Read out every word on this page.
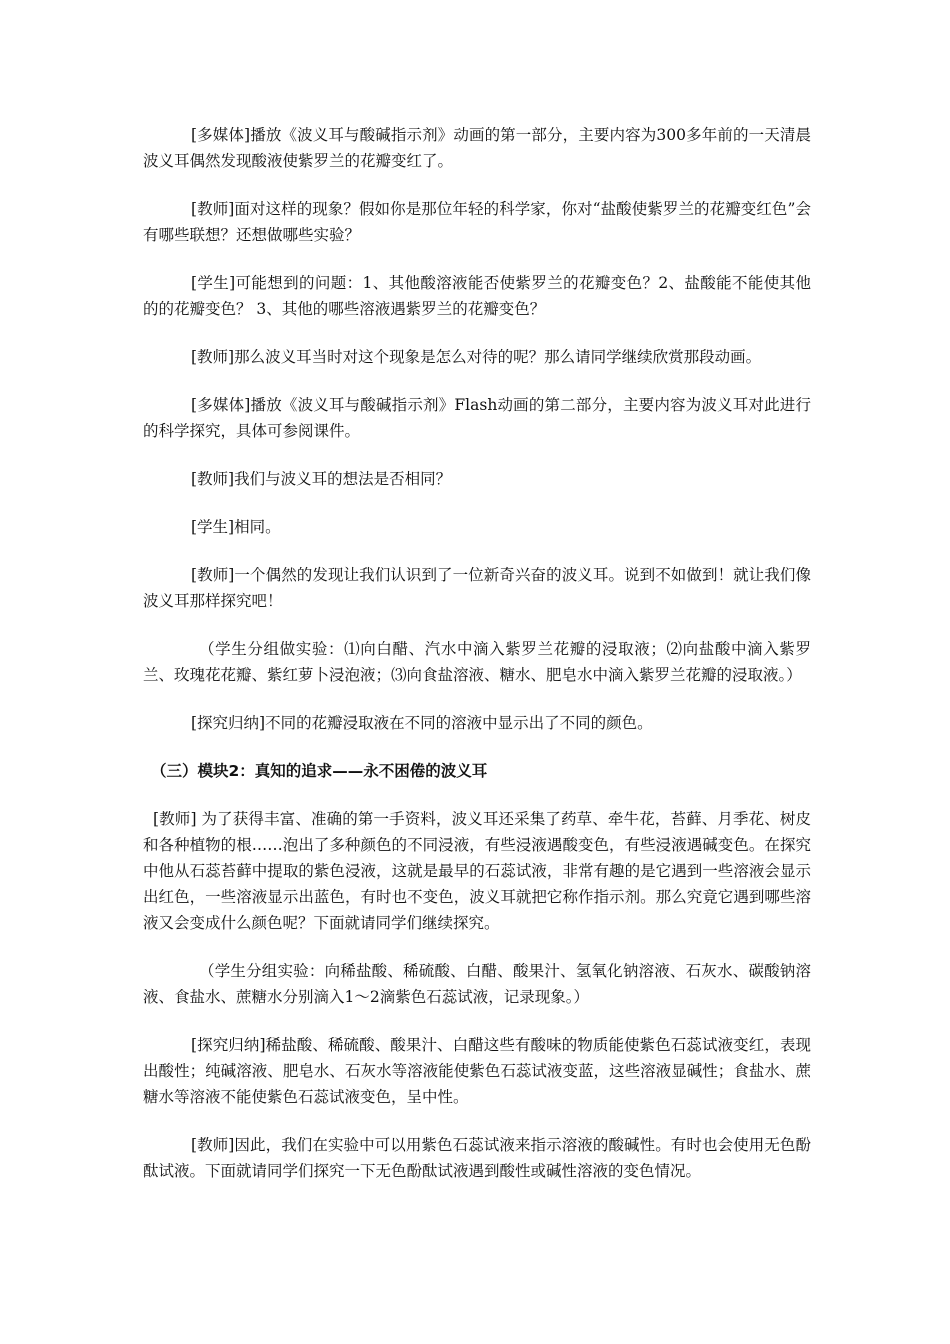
[多媒体]播放《波义耳与酸碱指示剂》动画的第一部分，主要内容为300多年前的一天清晨波义耳偶然发现酸液使紫罗兰的花瓣变红了。

[教师]面对这样的现象？假如你是那位年轻的科学家，你对“盐酸使紫罗兰的花瓣变红色”会有哪些联想？还想做哪些实验？

[学生]可能想到的问题：1、其他酸溶液能否使紫罗兰的花瓣变色？2、盐酸能不能使其他的的花瓣变色？ 3、其他的哪些溶液遇紫罗兰的花瓣变色？

[教师]那么波义耳当时对这个现象是怎么对待的呢？那么请同学继续欣赏那段动画。

[多媒体]播放《波义耳与酸碱指示剂》Flash动画的第二部分，主要内容为波义耳对此进行的科学探究，具体可参阅课件。

[教师]我们与波义耳的想法是否相同？

[学生]相同。

[教师]一个偶然的发现让我们认识到了一位新奇兴奋的波义耳。说到不如做到！就让我们像波义耳那样探究吧！

（学生分组做实验：⑴向白醋、汽水中滴入紫罗兰花瓣的浸取液；⑵向盐酸中滴入紫罗兰、玫瑰花花瓣、紫红萝卜浸泡液；⑶向食盐溶液、糖水、肥皂水中滴入紫罗兰花瓣的浸取液。）

[探究归纳]不同的花瓣浸取液在不同的溶液中显示出了不同的颜色。

（三）模块2：真知的追求——永不困倦的波义耳

[教师] 为了获得丰富、准确的第一手资料，波义耳还采集了药草、牵牛花，苔藓、月季花、树皮和各种植物的根……泡出了多种颜色的不同浸液，有些浸液遇酸变色，有些浸液遇碱变色。在探究中他从石蕊苔藓中提取的紫色浸液，这就是最早的石蕊试液，非常有趣的是它遇到一些溶液会显示出红色，一些溶液显示出蓝色，有时也不变色，波义耳就把它称作指示剂。那么究竟它遇到哪些溶液又会变成什么颜色呢？下面就请同学们继续探究。

（学生分组实验：向稀盐酸、稀硫酸、白醋、酸果汁、氢氧化钠溶液、石灰水、碳酸钠溶液、食盐水、蔗糖水分别滴入1～2滴紫色石蕊试液，记录现象。）

[探究归纳]稀盐酸、稀硫酸、酸果汁、白醋这些有酸味的物质能使紫色石蕊试液变红，表现出酸性；纯碱溶液、肥皂水、石灰水等溶液能使紫色石蕊试液变蓝，这些溶液显碱性；食盐水、蔗糖水等溶液不能使紫色石蕊试液变色，呈中性。

[教师]因此，我们在实验中可以用紫色石蕊试液来指示溶液的酸碱性。有时也会使用无色酚酞试液。下面就请同学们探究一下无色酚酞试液遇到酸性或碱性溶液的变色情况。
